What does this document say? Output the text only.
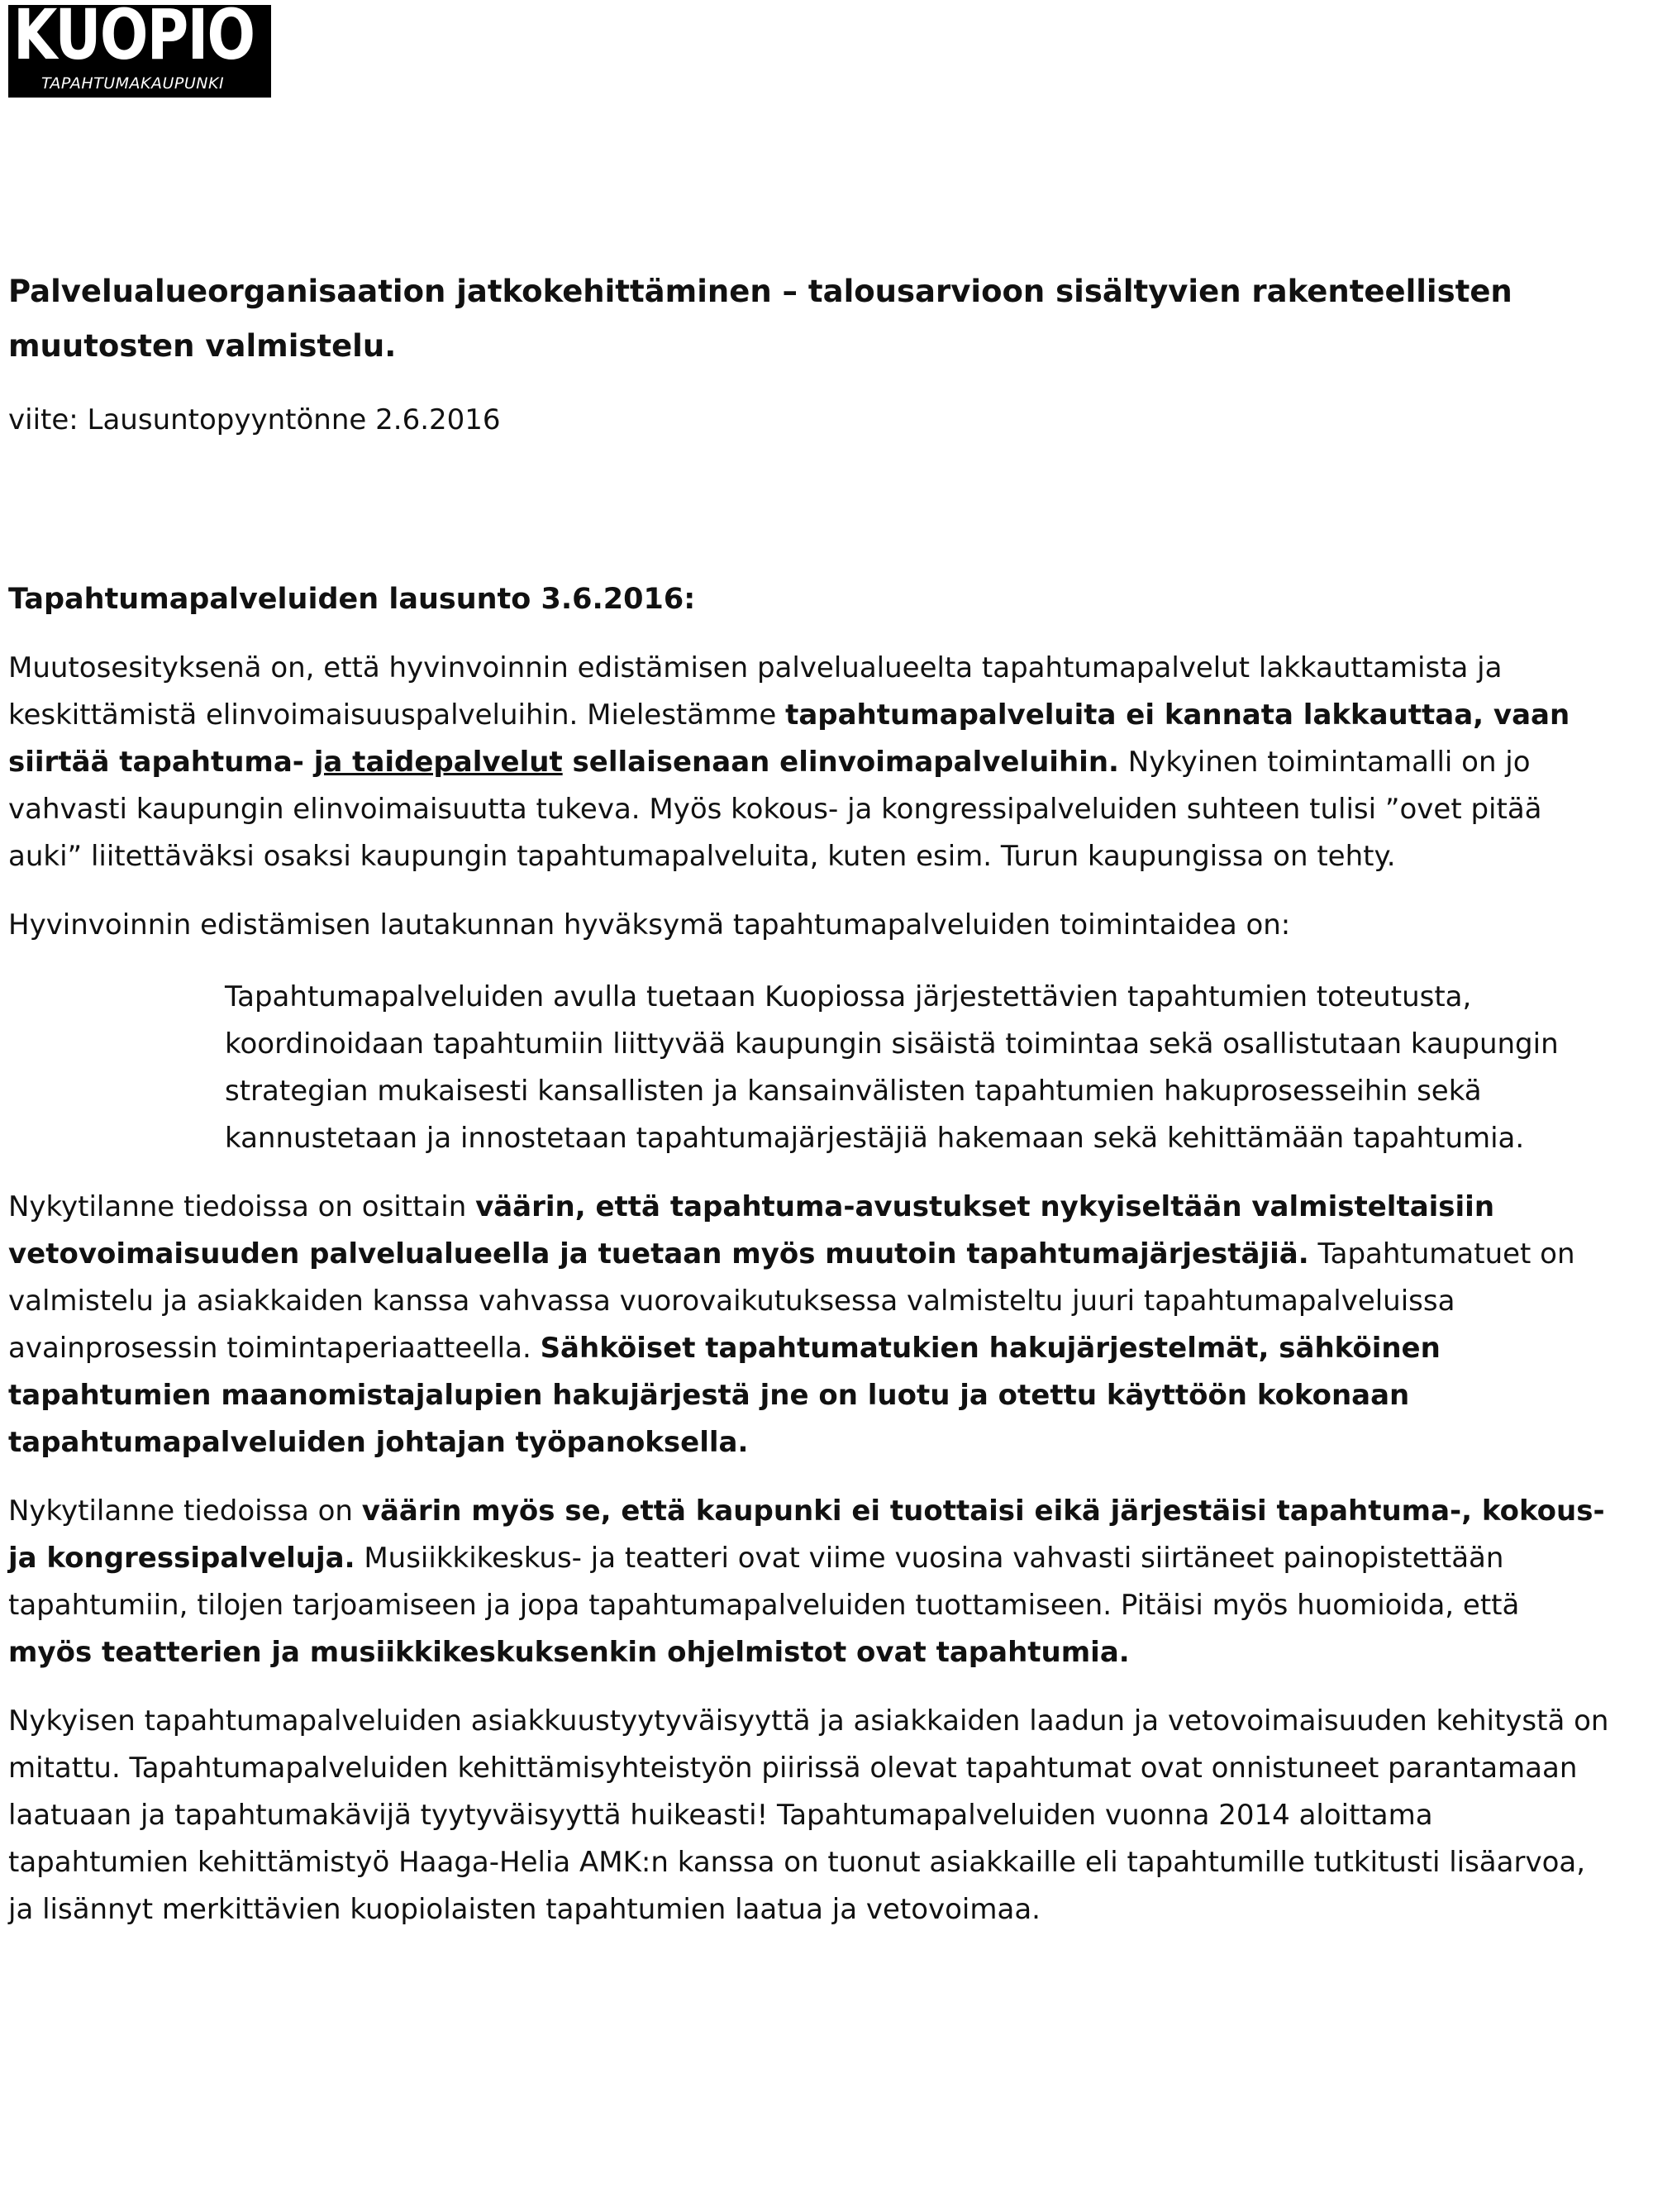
KUOPIO
TAPAHTUMAKAUPUNKI

Palvelualueorganisaation jatkokehittäminen – talousarvioon sisältyvien rakenteellisten muutosten valmistelu.

viite: Lausuntopyyntönne 2.6.2016

Tapahtumapalveluiden lausunto 3.6.2016:

Muutosesityksenä on, että hyvinvoinnin edistämisen palvelualueelta tapahtumapalvelut lakkauttamista ja keskittämistä elinvoimaisuuspalveluihin. Mielestämme tapahtumapalveluita ei kannata lakkauttaa, vaan siirtää tapahtuma- ja taidepalvelut sellaisenaan elinvoimapalveluihin. Nykyinen toimintamalli on jo vahvasti kaupungin elinvoimaisuutta tukeva. Myös kokous- ja kongressipalveluiden suhteen tulisi ”ovet pitää auki” liitettäväksi osaksi kaupungin tapahtumapalveluita, kuten esim. Turun kaupungissa on tehty.

Hyvinvoinnin edistämisen lautakunnan hyväksymä tapahtumapalveluiden toimintaidea on:

Tapahtumapalveluiden avulla tuetaan Kuopiossa järjestettävien tapahtumien toteutusta, koordinoidaan tapahtumiin liittyvää kaupungin sisäistä toimintaa sekä osallistutaan kaupungin strategian mukaisesti kansallisten ja kansainvälisten tapahtumien hakuprosesseihin sekä kannustetaan ja innostetaan tapahtumajärjestäjiä hakemaan sekä kehittämään tapahtumia.

Nykytilanne tiedoissa on osittain väärin, että tapahtuma-avustukset nykyiseltään valmisteltaisiin vetovoimaisuuden palvelualueella ja tuetaan myös muutoin tapahtumajärjestäjiä. Tapahtumatuet on valmistelu ja asiakkaiden kanssa vahvassa vuorovaikutuksessa valmisteltu juuri tapahtumapalveluissa avainprosessin toimintaperiaatteella. Sähköiset tapahtumatukien hakujärjestelmät, sähköinen tapahtumien maanomistajalupien hakujärjestä jne on luotu ja otettu käyttöön kokonaan tapahtumapalveluiden johtajan työpanoksella.

Nykytilanne tiedoissa on väärin myös se, että kaupunki ei tuottaisi eikä järjestäisi tapahtuma-, kokous- ja kongressipalveluja. Musiikkikeskus- ja teatteri ovat viime vuosina vahvasti siirtäneet painopistettään tapahtumiin, tilojen tarjoamiseen ja jopa tapahtumapalveluiden tuottamiseen. Pitäisi myös huomioida, että myös teatterien ja musiikkikeskuksenkin ohjelmistot ovat tapahtumia.

Nykyisen tapahtumapalveluiden asiakkuustyytyväisyyttä ja asiakkaiden laadun ja vetovoimaisuuden kehitystä on mitattu. Tapahtumapalveluiden kehittämisyhteistyön piirissä olevat tapahtumat ovat onnistuneet parantamaan laatuaan ja tapahtumakävijä tyytyväisyyttä huikeasti! Tapahtumapalveluiden vuonna 2014 aloittama tapahtumien kehittämistyö Haaga-Helia AMK:n kanssa on tuonut asiakkaille eli tapahtumille tutkitusti lisäarvoa, ja lisännyt merkittävien kuopiolaisten tapahtumien laatua ja vetovoimaa.
